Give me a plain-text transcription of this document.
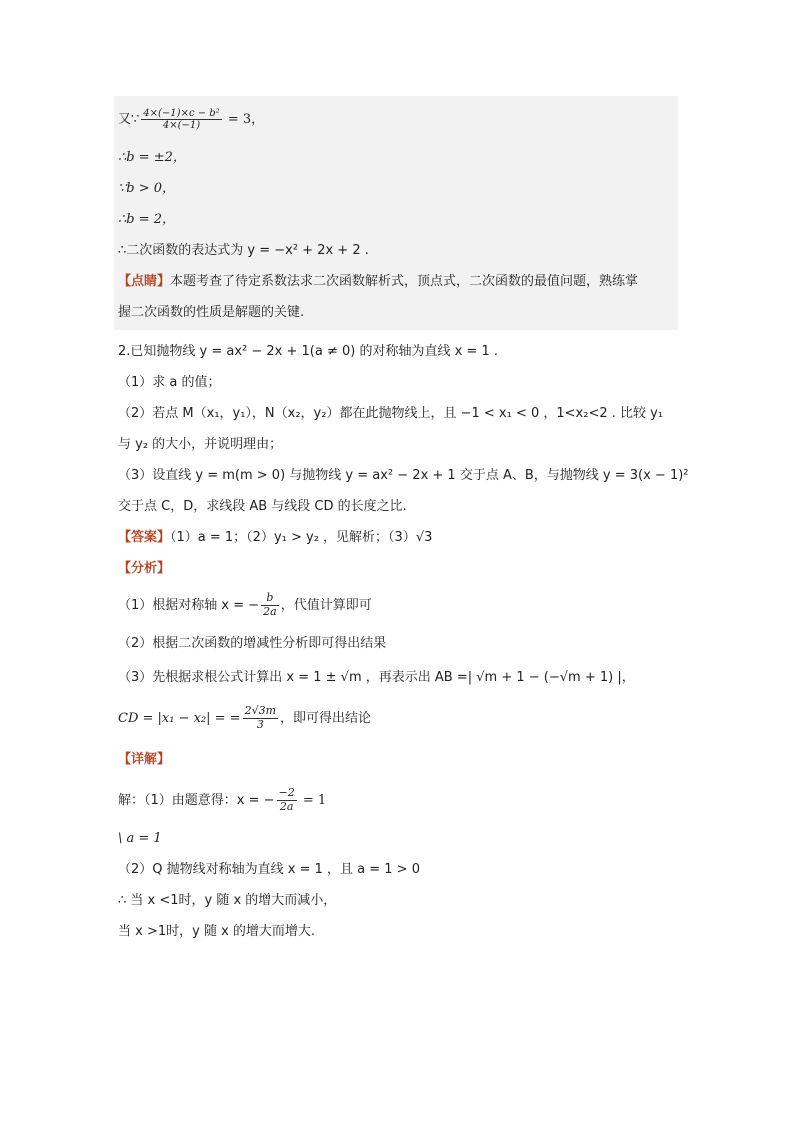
又∵ $\frac{\text{4×(−1)×c − b²}}{4\times(-1)} = 3$，
∴b = ±2，
∵b > 0，
∴b = 2，
∴二次函数的表达式为 y = −x² + 2x + 2 .
【点睛】本题考查了待定系数法求二次函数解析式，顶点式，二次函数的最值问题，熟练掌
握二次函数的性质是解题的关键.
2.已知抛物线 y = ax² − 2x + 1(a ≠ 0) 的对称轴为直线 x = 1 .
（1）求 a 的值；
（2）若点 M（x₁，y₁），N（x₂，y₂）都在此抛物线上，且 −1 < x₁ < 0 ，1<x₂<2 . 比较 y₁
与 y₂ 的大小，并说明理由；
（3）设直线 y = m(m > 0) 与抛物线 y = ax² − 2x + 1 交于点 A、B，与抛物线 y = 3(x − 1)²
交于点 C，D，求线段 AB 与线段 CD 的长度之比.
【答案】（1）a = 1；（2）y₁ > y₂ ，见解析；（3）√3
【分析】
（1）根据对称轴 x = − $\frac{b}{2a}$ ，代值计算即可
（2）根据二次函数的增减性分析即可得出结果
（3）先根据求根公式计算出 x = 1 ± √m ，再表示出 AB =| √m + 1 − (−√m + 1) |，
CD = |x₁ − x₂| = = $\frac{2√3m}{3}$ ，即可得出结论
【详解】
解：（1）由题意得：x = − $\frac{-2}{2a} = 1$
\ a = 1
（2）Q 抛物线对称轴为直线 x = 1 ，且 a = 1 > 0
∴ 当 x <1时，y 随 x 的增大而减小，
当 x >1时，y 随 x 的增大而增大.
